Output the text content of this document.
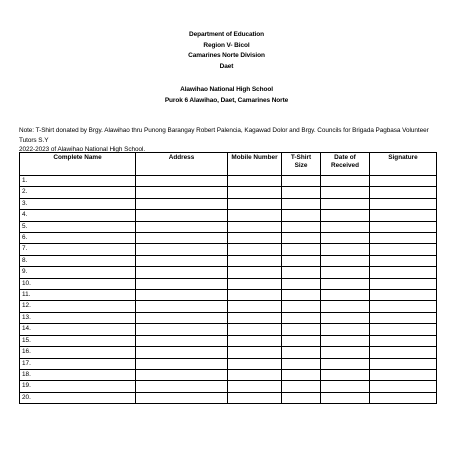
Department of Education
Region V- Bicol
Camarines Norte Division
Daet
Alawihao National High School
Purok 6 Alawihao, Daet, Camarines Norte
Note: T-Shirt donated by Brgy. Alawihao thru Punong Barangay Robert Palencia, Kagawad Dolor and Brgy. Councils for Brigada Pagbasa Volunteer Tutors S.Y
2022-2023 of Alawihao National High School.
Complete Name	Address	Mobile Number	T-Shirt Size	Date of Received	Signature
1.					
2.					
3.					
4.					
5.					
6.					
7.					
8.					
9.					
10.					
11.					
12.					
13.					
14.					
15.					
16.					
17.					
18.					
19.					
20.					
